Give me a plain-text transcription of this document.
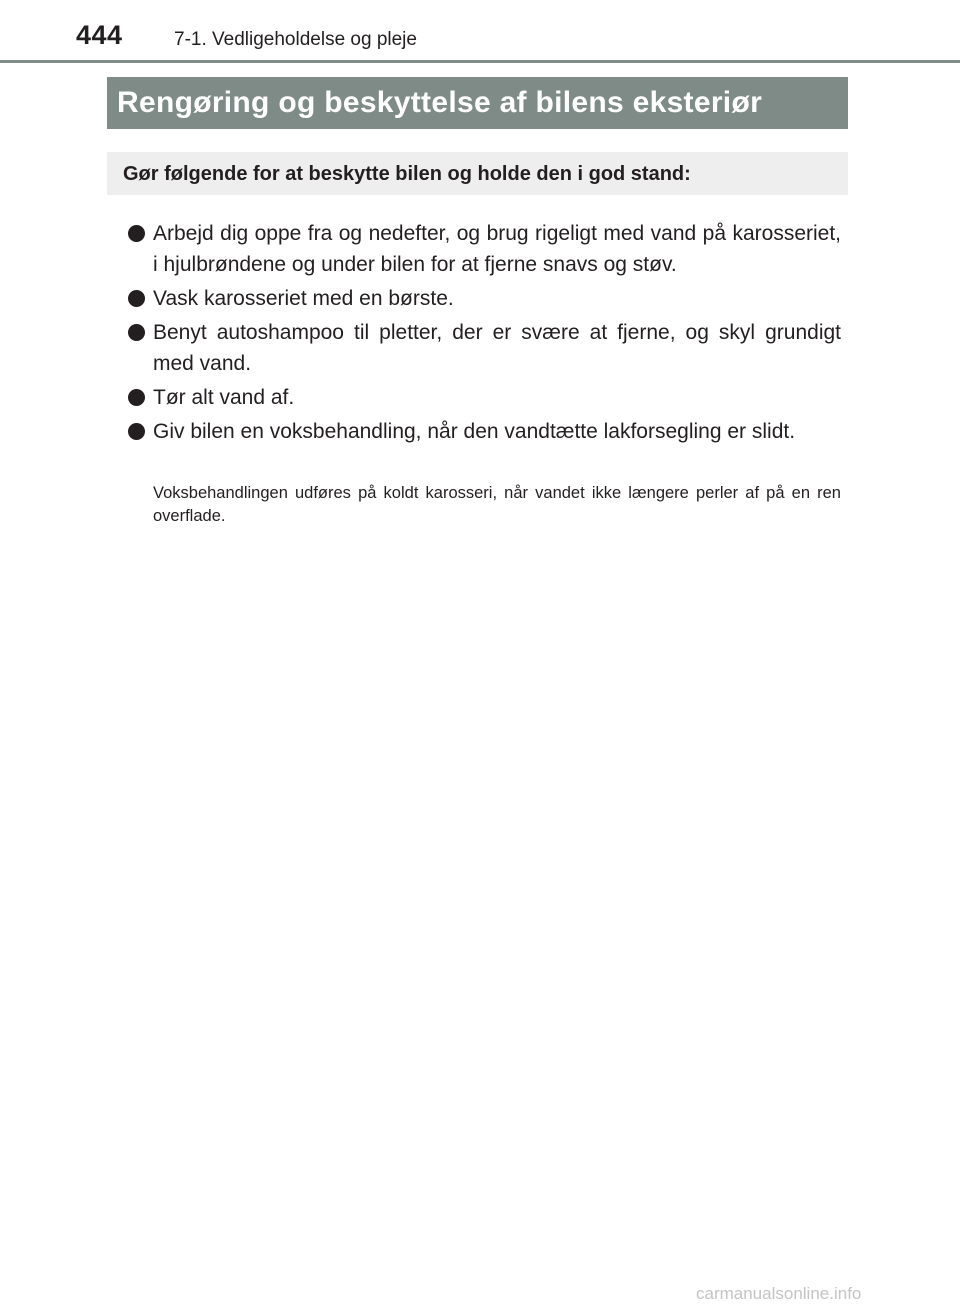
444	7-1. Vedligeholdelse og pleje
Rengøring og beskyttelse af bilens eksteriør
Gør følgende for at beskytte bilen og holde den i god stand:
Arbejd dig oppe fra og nedefter, og brug rigeligt med vand på karosseriet, i hjulbrøndene og under bilen for at fjerne snavs og støv.
Vask karosseriet med en børste.
Benyt autoshampoo til pletter, der er svære at fjerne, og skyl grundigt med vand.
Tør alt vand af.
Giv bilen en voksbehandling, når den vandtætte lakforsegling er slidt.

Voksbehandlingen udføres på koldt karosseri, når vandet ikke længere perler af på en ren overflade.

carmanualsonline.info
